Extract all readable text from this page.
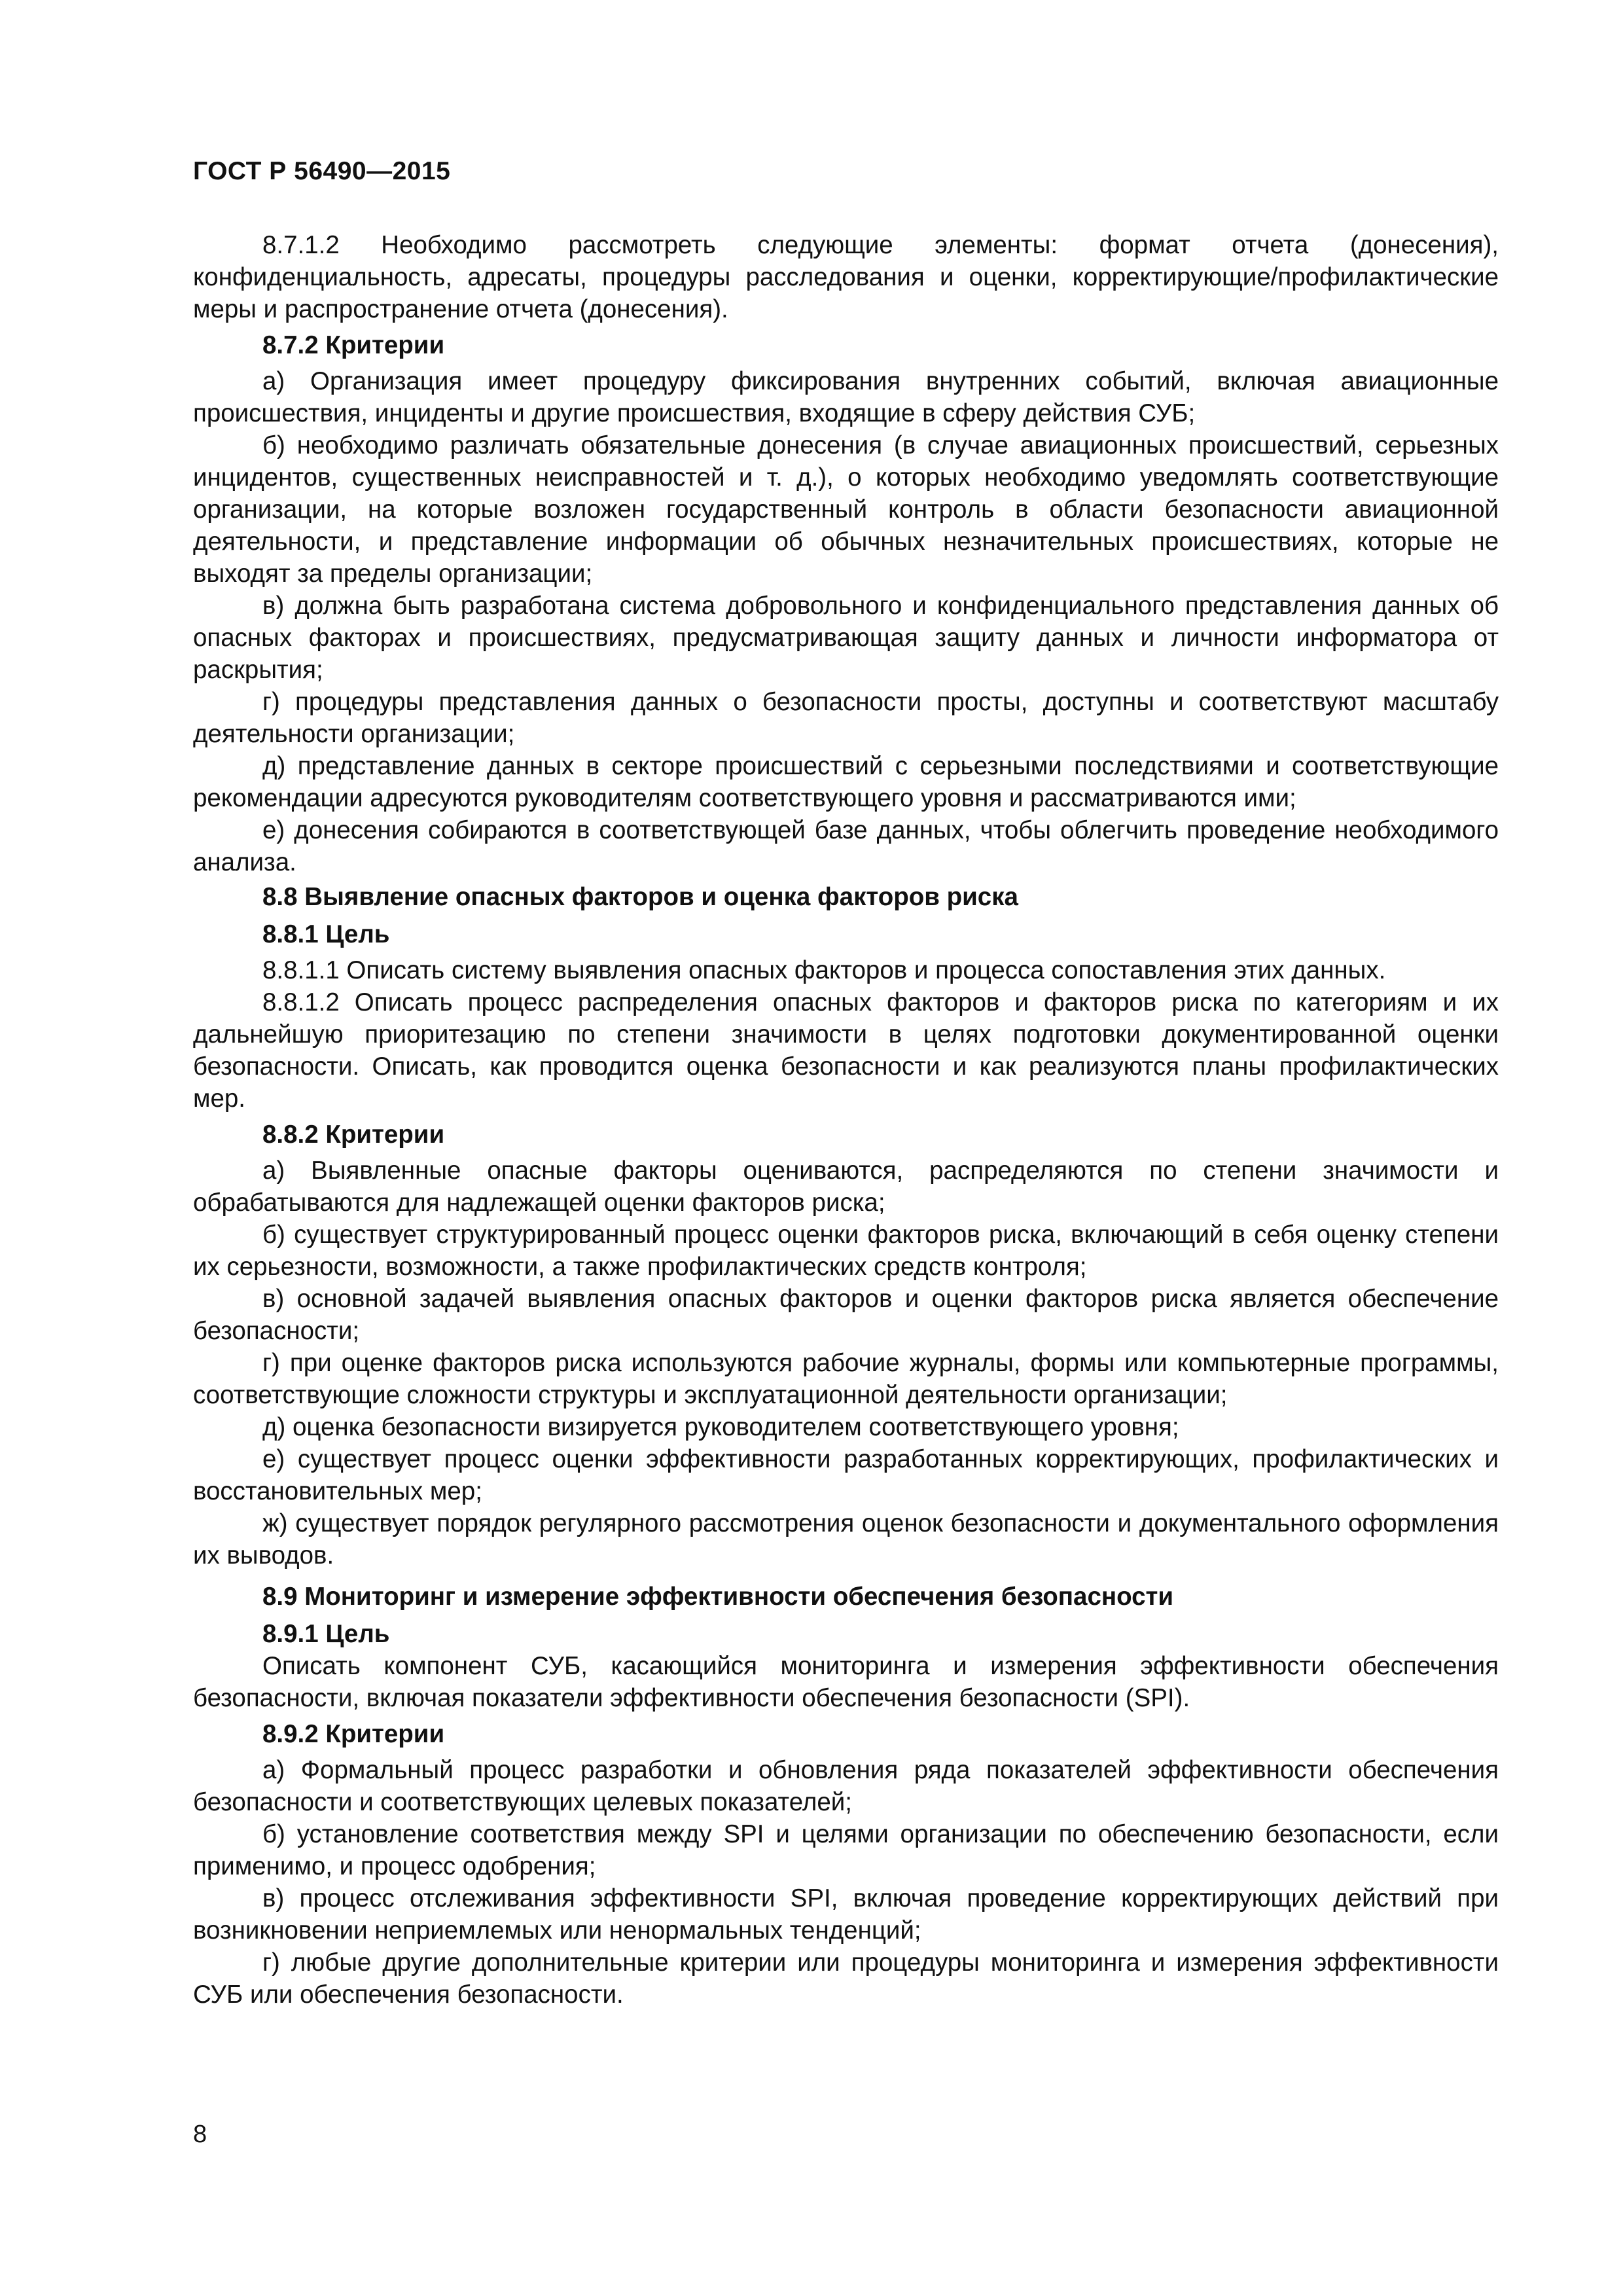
ГОСТ Р 56490—2015

8.7.1.2 Необходимо рассмотреть следующие элементы: формат отчета (донесения), конфиденциальность, адресаты, процедуры расследования и оценки, корректирующие/профилактические меры и распространение отчета (донесения).

8.7.2 Критерии

а) Организация имеет процедуру фиксирования внутренних событий, включая авиационные происшествия, инциденты и другие происшествия, входящие в сферу действия СУБ;

б) необходимо различать обязательные донесения (в случае авиационных происшествий, серьезных инцидентов, существенных неисправностей и т. д.), о которых необходимо уведомлять соответствующие организации, на которые возложен государственный контроль в области безопасности авиационной деятельности, и представление информации об обычных незначительных происшествиях, которые не выходят за пределы организации;

в) должна быть разработана система добровольного и конфиденциального представления данных об опасных факторах и происшествиях, предусматривающая защиту данных и личности информатора от раскрытия;

г) процедуры представления данных о безопасности просты, доступны и соответствуют масштабу деятельности организации;

д) представление данных в секторе происшествий с серьезными последствиями и соответствующие рекомендации адресуются руководителям соответствующего уровня и рассматриваются ими;

е) донесения собираются в соответствующей базе данных, чтобы облегчить проведение необходимого анализа.

8.8 Выявление опасных факторов и оценка факторов риска
8.8.1 Цель

8.8.1.1 Описать систему выявления опасных факторов и процесса сопоставления этих данных.

8.8.1.2 Описать процесс распределения опасных факторов и факторов риска по категориям и их дальнейшую приоритезацию по степени значимости в целях подготовки документированной оценки безопасности. Описать, как проводится оценка безопасности и как реализуются планы профилактических мер.

8.8.2 Критерии

а) Выявленные опасные факторы оцениваются, распределяются по степени значимости и обрабатываются для надлежащей оценки факторов риска;

б) существует структурированный процесс оценки факторов риска, включающий в себя оценку степени их серьезности, возможности, а также профилактических средств контроля;

в) основной задачей выявления опасных факторов и оценки факторов риска является обеспечение безопасности;

г) при оценке факторов риска используются рабочие журналы, формы или компьютерные программы, соответствующие сложности структуры и эксплуатационной деятельности организации;

д) оценка безопасности визируется руководителем соответствующего уровня;

е) существует процесс оценки эффективности разработанных корректирующих, профилактических и восстановительных мер;

ж) существует порядок регулярного рассмотрения оценок безопасности и документального оформления их выводов.

8.9 Мониторинг и измерение эффективности обеспечения безопасности
8.9.1 Цель

Описать компонент СУБ, касающийся мониторинга и измерения эффективности обеспечения безопасности, включая показатели эффективности обеспечения безопасности (SPI).

8.9.2 Критерии

а) Формальный процесс разработки и обновления ряда показателей эффективности обеспечения безопасности и соответствующих целевых показателей;

б) установление соответствия между SPI и целями организации по обеспечению безопасности, если применимо, и процесс одобрения;

в) процесс отслеживания эффективности SPI, включая проведение корректирующих действий при возникновении неприемлемых или ненормальных тенденций;

г) любые другие дополнительные критерии или процедуры мониторинга и измерения эффективности СУБ или обеспечения безопасности.

8
